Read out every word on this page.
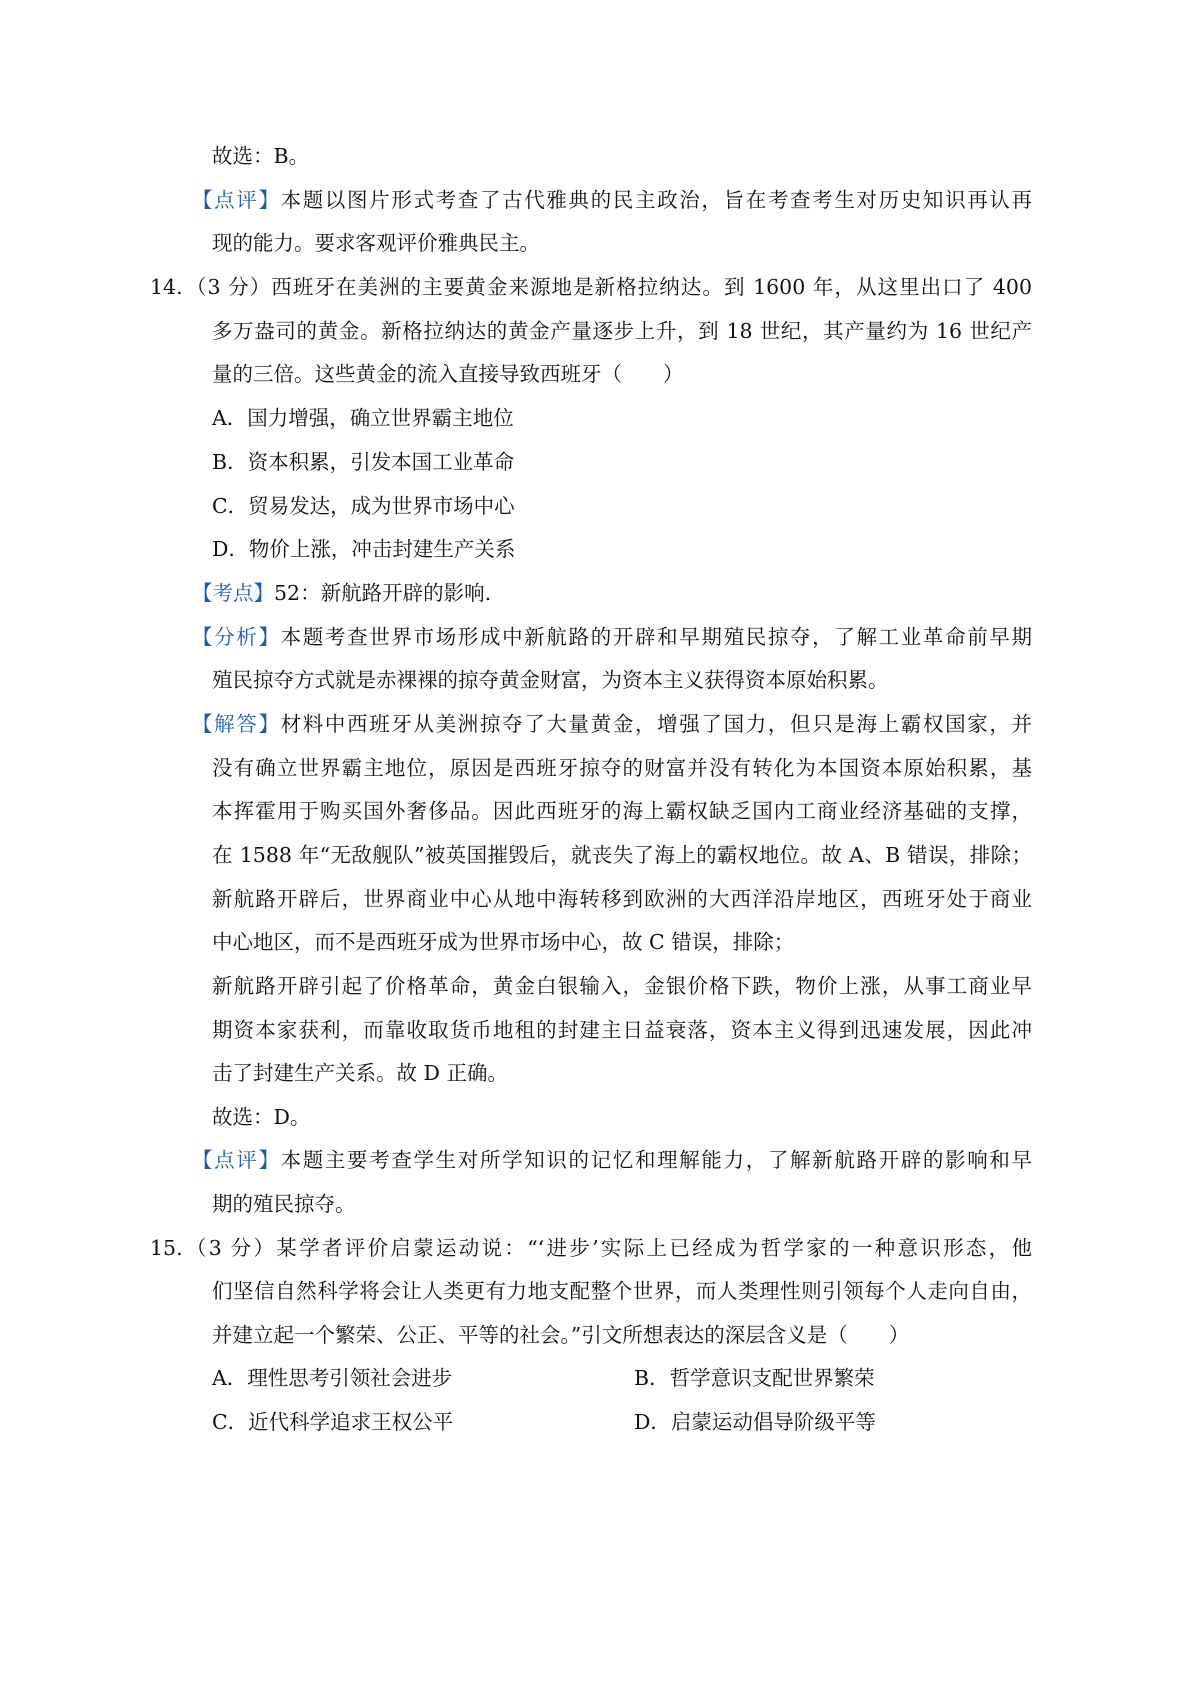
故选：B。
【点评】本题以图片形式考查了古代雅典的民主政治，旨在考查考生对历史知识再认再
现的能力。要求客观评价雅典民主。
14. （3 分）西班牙在美洲的主要黄金来源地是新格拉纳达。到 1600 年，从这里出口了 400
多万盎司的黄金。新格拉纳达的黄金产量逐步上升，到 18 世纪，其产量约为 16 世纪产
量的三倍。这些黄金的流入直接导致西班牙（　　）
A．国力增强，确立世界霸主地位
B．资本积累，引发本国工业革命
C．贸易发达，成为世界市场中心
D．物价上涨，冲击封建生产关系
【考点】52：新航路开辟的影响.
【分析】本题考查世界市场形成中新航路的开辟和早期殖民掠夺，了解工业革命前早期
殖民掠夺方式就是赤裸裸的掠夺黄金财富，为资本主义获得资本原始积累。
【解答】材料中西班牙从美洲掠夺了大量黄金，增强了国力，但只是海上霸权国家，并
没有确立世界霸主地位，原因是西班牙掠夺的财富并没有转化为本国资本原始积累，基
本挥霍用于购买国外奢侈品。因此西班牙的海上霸权缺乏国内工商业经济基础的支撑，
在 1588 年“无敌舰队”被英国摧毁后，就丧失了海上的霸权地位。故 A、B 错误，排除；
新航路开辟后，世界商业中心从地中海转移到欧洲的大西洋沿岸地区，西班牙处于商业
中心地区，而不是西班牙成为世界市场中心，故 C 错误，排除；
新航路开辟引起了价格革命，黄金白银输入，金银价格下跌，物价上涨，从事工商业早
期资本家获利，而靠收取货币地租的封建主日益衰落，资本主义得到迅速发展，因此冲
击了封建生产关系。故 D 正确。
故选：D。
【点评】本题主要考查学生对所学知识的记忆和理解能力，了解新航路开辟的影响和早
期的殖民掠夺。
15. （3 分）某学者评价启蒙运动说：“‘进步’实际上已经成为哲学家的一种意识形态，他
们坚信自然科学将会让人类更有力地支配整个世界，而人类理性则引领每个人走向自由，
并建立起一个繁荣、公正、平等的社会。”引文所想表达的深层含义是（　　）
A．理性思考引领社会进步	B．哲学意识支配世界繁荣
C．近代科学追求王权公平	D．启蒙运动倡导阶级平等
